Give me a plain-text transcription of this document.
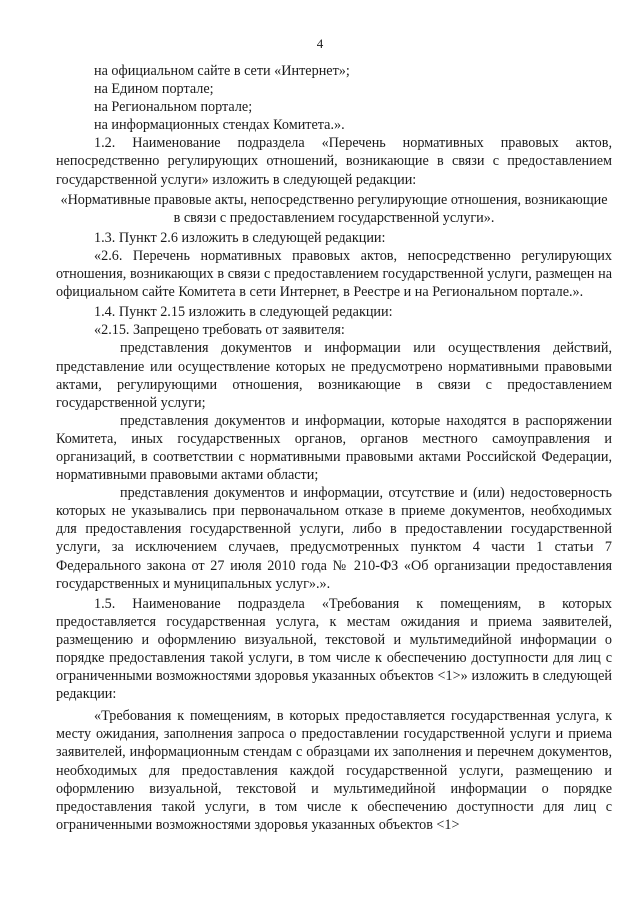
4

на официальном сайте в сети «Интернет»;

на Едином портале;

на Региональном портале;

на информационных стендах Комитета.».

1.2. Наименование подраздела «Перечень нормативных правовых актов, непосредственно регулирующих отношений, возникающие в связи с предоставлением государственной услуги» изложить в следующей редакции:

«Нормативные правовые акты, непосредственно регулирующие отношения, возникающие в связи с предоставлением государственной услуги».

1.3. Пункт 2.6 изложить в следующей редакции:

«2.6. Перечень нормативных правовых актов, непосредственно регулирующих отношения, возникающих в связи с предоставлением государственной услуги, размещен на официальном сайте Комитета в сети Интернет, в Реестре и на Региональном портале.».

1.4. Пункт 2.15 изложить в следующей редакции:

«2.15. Запрещено требовать от заявителя:

представления документов и информации или осуществления действий, представление или осуществление которых не предусмотрено нормативными правовыми актами, регулирующими отношения, возникающие в связи с предоставлением государственной услуги;

представления документов и информации, которые находятся в распоряжении Комитета, иных государственных органов, органов местного самоуправления и организаций, в соответствии с нормативными правовыми актами Российской Федерации, нормативными правовыми актами области;

представления документов и информации, отсутствие и (или) недостоверность которых не указывались при первоначальном отказе в приеме документов, необходимых для предоставления государственной услуги, либо в предоставлении государственной услуги, за исключением случаев, предусмотренных пунктом 4 части 1 статьи 7 Федерального закона от 27 июля 2010 года № 210-ФЗ «Об организации предоставления государственных и муниципальных услуг».».

1.5. Наименование подраздела «Требования к помещениям, в которых предоставляется государственная услуга, к местам ожидания и приема заявителей, размещению и оформлению визуальной, текстовой и мультимедийной информации о порядке предоставления такой услуги, в том числе к обеспечению доступности для лиц с ограниченными возможностями здоровья указанных объектов <1>» изложить в следующей редакции:

«Требования к помещениям, в которых предоставляется государственная услуга, к месту ожидания, заполнения запроса о предоставлении государственной услуги и приема заявителей, информационным стендам с образцами их заполнения и перечнем документов, необходимых для предоставления каждой государственной услуги, размещению и оформлению визуальной, текстовой и мультимедийной информации о порядке предоставления такой услуги, в том числе к обеспечению доступности для лиц с ограниченными возможностями здоровья указанных объектов <1>
